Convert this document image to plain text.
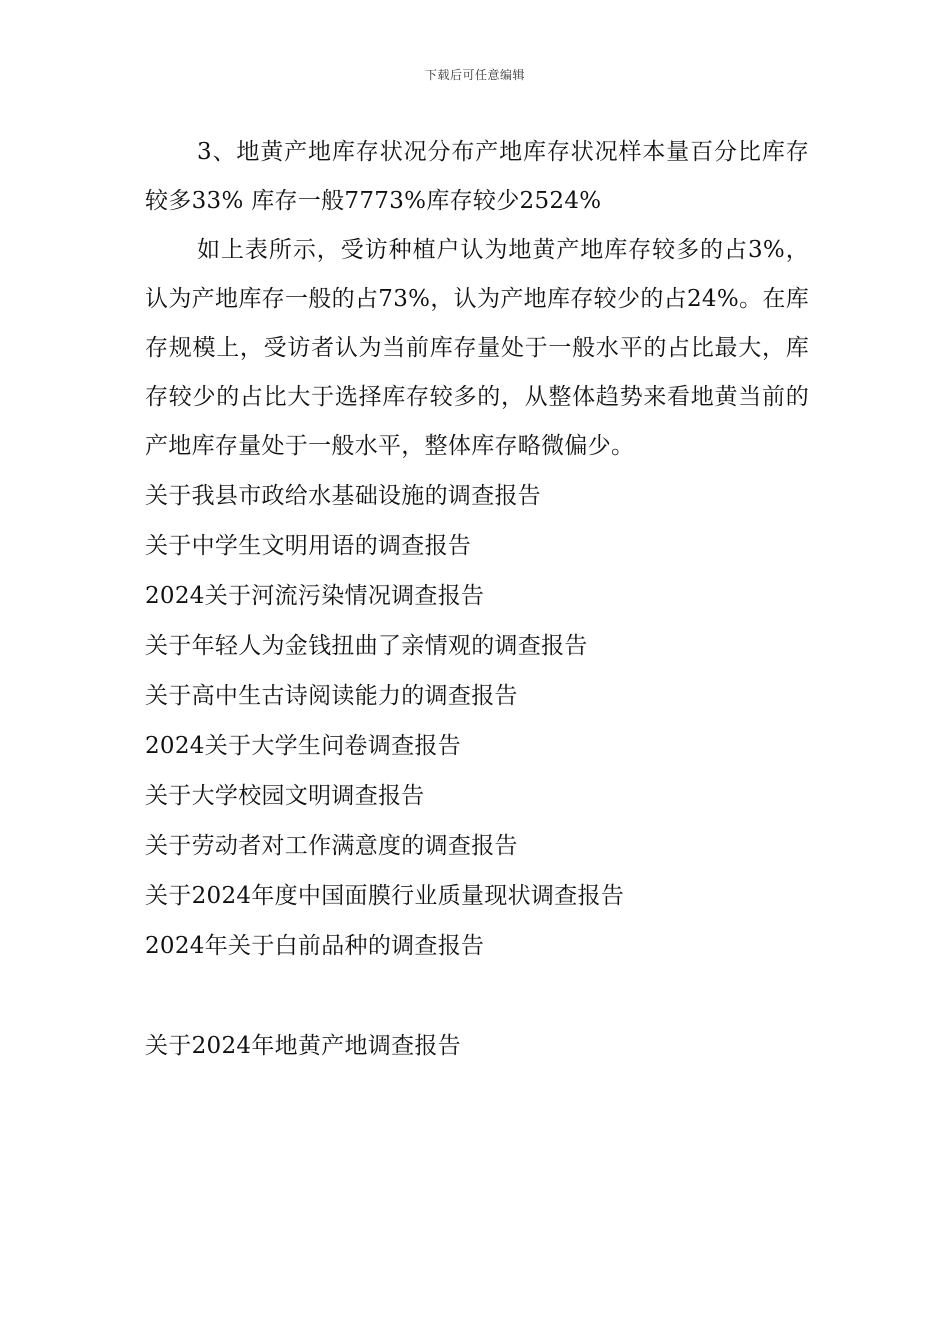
下载后可任意编辑

3、地黄产地库存状况分布产地库存状况样本量百分比库存较多33% 库存一般7773%库存较少2524%

如上表所示，受访种植户认为地黄产地库存较多的占3%，认为产地库存一般的占73%，认为产地库存较少的占24%。在库存规模上，受访者认为当前库存量处于一般水平的占比最大，库存较少的占比大于选择库存较多的，从整体趋势来看地黄当前的产地库存量处于一般水平，整体库存略微偏少。

关于我县市政给水基础设施的调查报告
关于中学生文明用语的调查报告
2024关于河流污染情况调查报告
关于年轻人为金钱扭曲了亲情观的调查报告
关于高中生古诗阅读能力的调查报告
2024关于大学生问卷调查报告
关于大学校园文明调查报告
关于劳动者对工作满意度的调查报告
关于2024年度中国面膜行业质量现状调查报告
2024年关于白前品种的调查报告
关于2024年地黄产地调查报告
